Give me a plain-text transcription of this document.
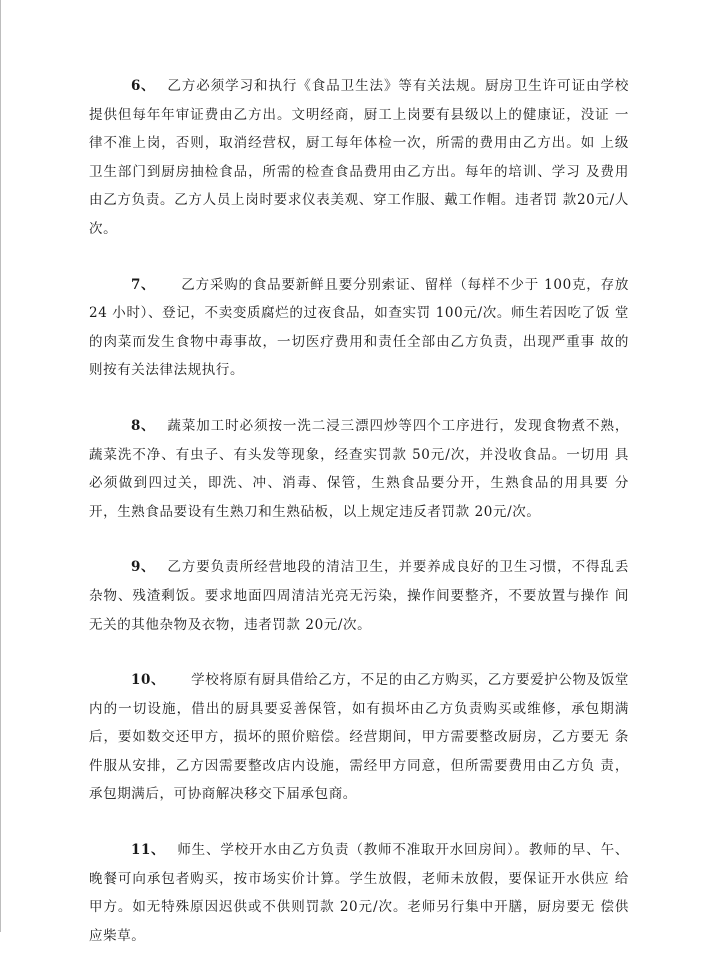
6、 乙方必须学习和执行《食品卫生法》等有关法规。厨房卫生许可证由学校 提供但每年年审证费由乙方出。文明经商，厨工上岗要有县级以上的健康证，没证 一律不准上岗，否则，取消经营权，厨工每年体检一次，所需的费用由乙方出。如 上级卫生部门到厨房抽检食品，所需的检查食品费用由乙方出。每年的培训、学习 及费用由乙方负责。乙方人员上岗时要求仪表美观、穿工作服、戴工作帽。违者罚 款20元/人次。

7、 乙方采购的食品要新鲜且要分别索证、留样（每样不少于 100克，存放24 小时）、登记，不卖变质腐烂的过夜食品，如查实罚 100元/次。师生若因吃了饭 堂的肉菜而发生食物中毒事故，一切医疗费用和责任全部由乙方负责，出现严重事 故的则按有关法律法规执行。

8、 蔬菜加工时必须按一洗二浸三漂四炒等四个工序进行，发现食物煮不熟，蔬菜洗不净、有虫子、有头发等现象，经查实罚款 50元/次，并没收食品。一切用 具必须做到四过关，即洗、冲、消毒、保管，生熟食品要分开，生熟食品的用具要 分开，生熟食品要设有生熟刀和生熟砧板，以上规定违反者罚款 20元/次。

9、 乙方要负责所经营地段的清洁卫生，并要养成良好的卫生习惯，不得乱丢 杂物、残渣剩饭。要求地面四周清洁光亮无污染，操作间要整齐，不要放置与操作 间无关的其他杂物及衣物，违者罚款 20元/次。

10、 学校将原有厨具借给乙方，不足的由乙方购买，乙方要爱护公物及饭堂内的一切设施，借出的厨具要妥善保管，如有损坏由乙方负责购买或维修，承包期满 后，要如数交还甲方，损坏的照价赔偿。经营期间，甲方需要整改厨房，乙方要无 条件服从安排，乙方因需要整改店内设施，需经甲方同意，但所需要费用由乙方负 责，承包期满后，可协商解决移交下届承包商。

11、 师生、学校开水由乙方负责（教师不准取开水回房间）。教师的早、午、 晚餐可向承包者购买，按市场实价计算。学生放假，老师未放假，要保证开水供应 给甲方。如无特殊原因迟供或不供则罚款 20元/次。老师另行集中开膳，厨房要无 偿供应柴草。
